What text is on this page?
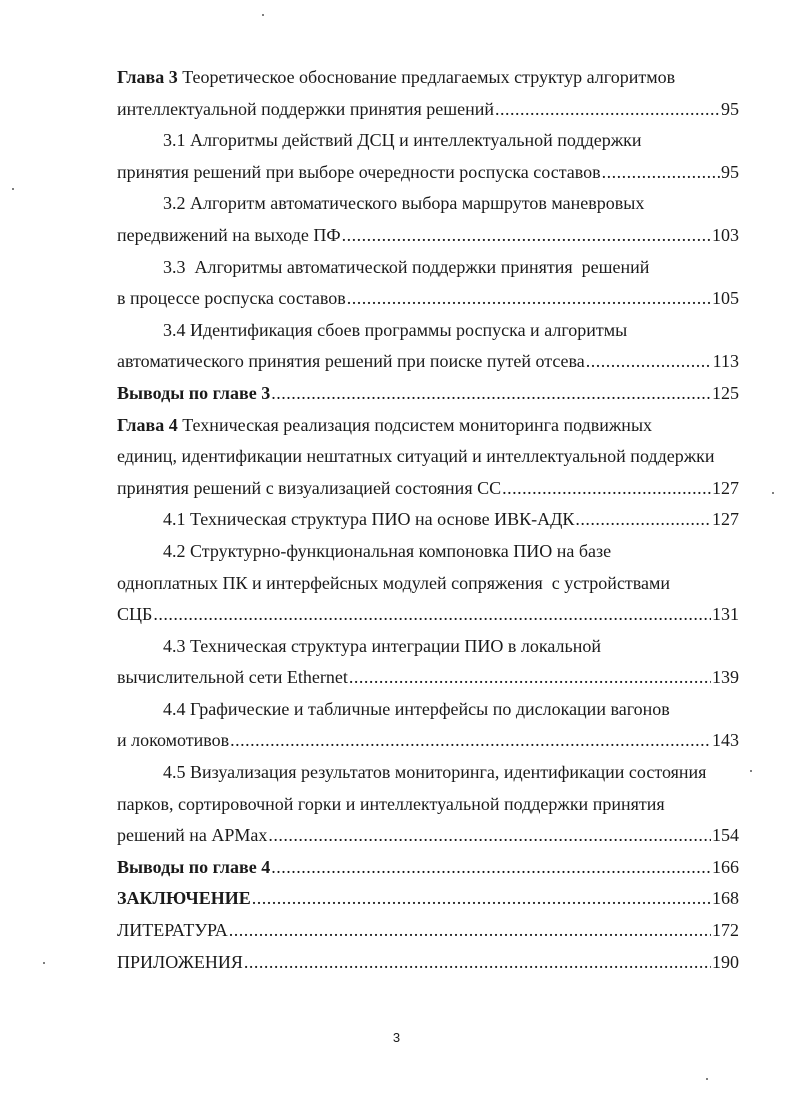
Глава 3 Теоретическое обоснование предлагаемых структур алгоритмов
интеллектуальной поддержки принятия решений .....	95
3.1 Алгоритмы действий ДСЦ и интеллектуальной поддержки
принятия решений при выборе очередности роспуска составов .....	95
3.2 Алгоритм автоматического выбора маршрутов маневровых
передвижений на выходе ПФ .....	103
3.3  Алгоритмы автоматической поддержки принятия  решений
в процессе роспуска составов .....	105
3.4 Идентификация сбоев программы роспуска и алгоритмы
автоматического принятия решений при поиске путей отсева .....	113
Выводы по главе 3 .....	125
Глава 4 Техническая реализация подсистем мониторинга подвижных
единиц, идентификации нештатных ситуаций и интеллектуальной поддержки
принятия решений с визуализацией состояния СС .....	127
4.1 Техническая структура ПИО на основе ИВК-АДК .....	127
4.2 Структурно-функциональная компоновка ПИО на базе
одноплатных ПК и интерфейсных модулей сопряжения  с устройствами
СЦБ .....	131
4.3 Техническая структура интеграции ПИО в локальной
вычислительной сети Ethernet .....	139
4.4 Графические и табличные интерфейсы по дислокации вагонов
и локомотивов .....	143
4.5 Визуализация результатов мониторинга, идентификации состояния
парков, сортировочной горки и интеллектуальной поддержки принятия
решений на АРМах .....	154
Выводы по главе 4 .....	166
ЗАКЛЮЧЕНИЕ .....	168
ЛИТЕРАТУРА .....	172
ПРИЛОЖЕНИЯ .....	190
3
